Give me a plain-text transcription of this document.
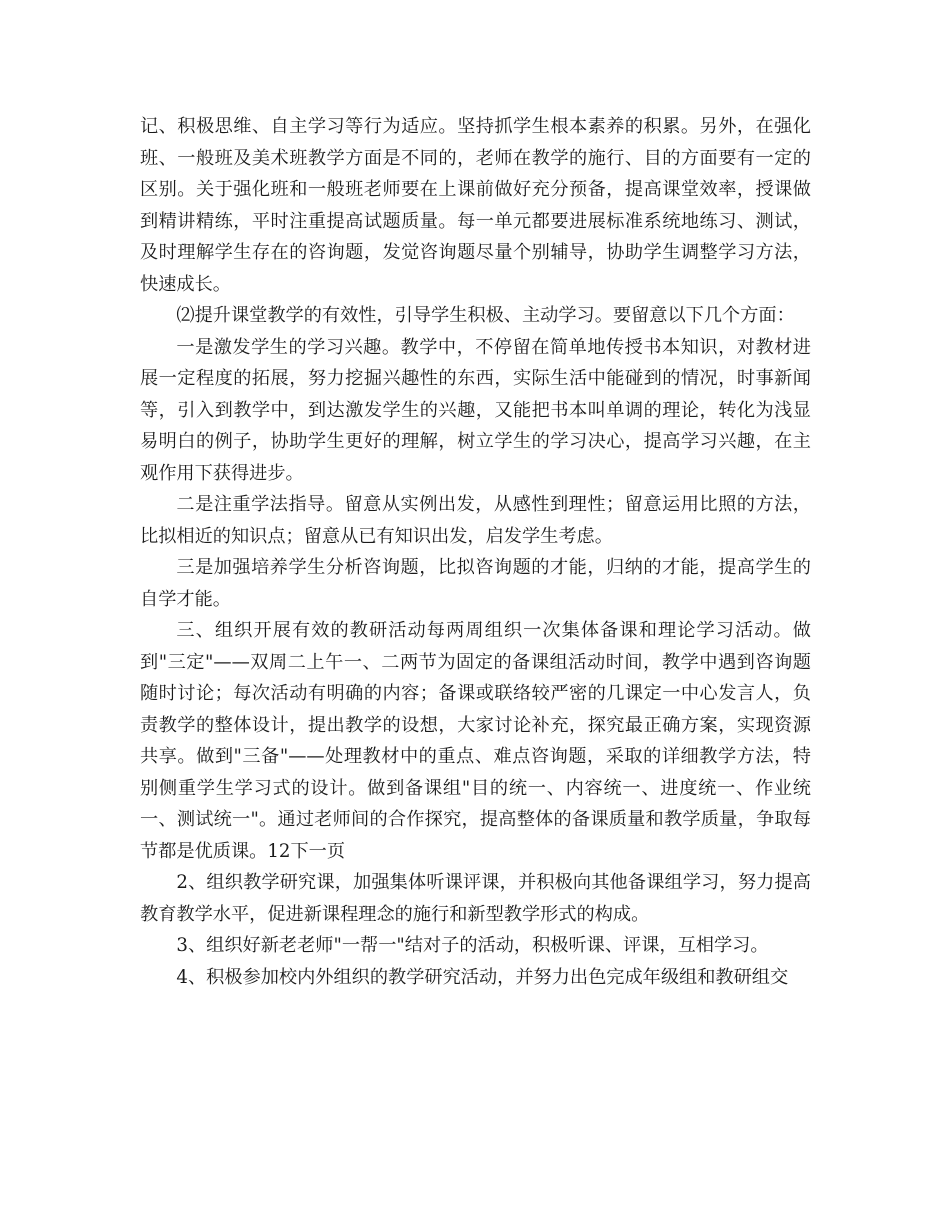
记、积极思维、自主学习等行为适应。坚持抓学生根本素养的积累。另外，在强化班、一般班及美术班教学方面是不同的，老师在教学的施行、目的方面要有一定的区别。关于强化班和一般班老师要在上课前做好充分预备，提高课堂效率，授课做到精讲精练，平时注重提高试题质量。每一单元都要进展标准系统地练习、测试，及时理解学生存在的咨询题，发觉咨询题尽量个别辅导，协助学生调整学习方法，快速成长。

⑵提升课堂教学的有效性，引导学生积极、主动学习。要留意以下几个方面：

一是激发学生的学习兴趣。教学中，不停留在简单地传授书本知识，对教材进展一定程度的拓展，努力挖掘兴趣性的东西，实际生活中能碰到的情况，时事新闻等，引入到教学中，到达激发学生的兴趣，又能把书本叫单调的理论，转化为浅显易明白的例子，协助学生更好的理解，树立学生的学习决心，提高学习兴趣，在主观作用下获得进步。

二是注重学法指导。留意从实例出发，从感性到理性；留意运用比照的方法，比拟相近的知识点；留意从已有知识出发，启发学生考虑。

三是加强培养学生分析咨询题，比拟咨询题的才能，归纳的才能，提高学生的自学才能。

三、组织开展有效的教研活动每两周组织一次集体备课和理论学习活动。做到"三定"——双周二上午一、二两节为固定的备课组活动时间，教学中遇到咨询题随时讨论；每次活动有明确的内容；备课或联络较严密的几课定一中心发言人，负责教学的整体设计，提出教学的设想，大家讨论补充，探究最正确方案，实现资源共享。做到"三备"——处理教材中的重点、难点咨询题，采取的详细教学方法，特别侧重学生学习式的设计。做到备课组"目的统一、内容统一、进度统一、作业统一、测试统一"。通过老师间的合作探究，提高整体的备课质量和教学质量，争取每节都是优质课。12下一页

2、组织教学研究课，加强集体听课评课，并积极向其他备课组学习，努力提高教育教学水平，促进新课程理念的施行和新型教学形式的构成。

3、组织好新老老师"一帮一"结对子的活动，积极听课、评课，互相学习。

4、积极参加校内外组织的教学研究活动，并努力出色完成年级组和教研组交
